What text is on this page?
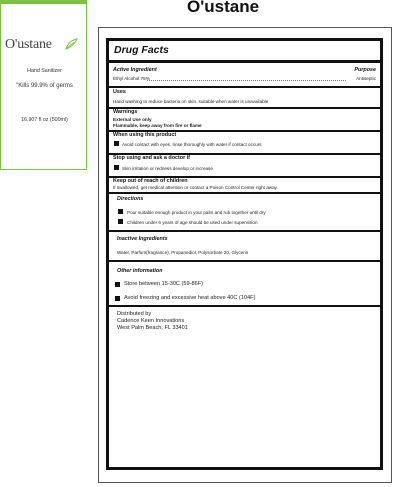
O'ustane
Hand Sanitizer
"Kills 99.9% of germs
16.907 fl oz (500ml)
O'ustane
Drug Facts
Active Ingredient	Purpose
Ethyl Alcohol 75%	Antiseptic
Uses
Hand washing to reduce bacteria on skin. suitable when water is unavailable
Warnings
External Use only
Flammable, keep away from fire or flame
When using this product
Avoid contact with eyes. rinse thoroughly with water if contact occurs
Stop using and ask a doctor if
Skin irritation or redness develop or increase
Keep out of reach of children
If swallowed, get medical attention or contact a Poison Control Center right away.
Directions
Pour suitable enough product in your palm and rub together until dry
Children under 6 years of age should be used under supervision
Inactive Ingredients
Water, Parfum(fragrance), Propanediol, Polysorbate 20, Glycerin
Other information
Store between 15-30C (59-86F)
Avoid freezing and excessive heat above 40C (104F)
Distributed by
Cadence Keen Innovations
West Palm Beach, FL 33401
